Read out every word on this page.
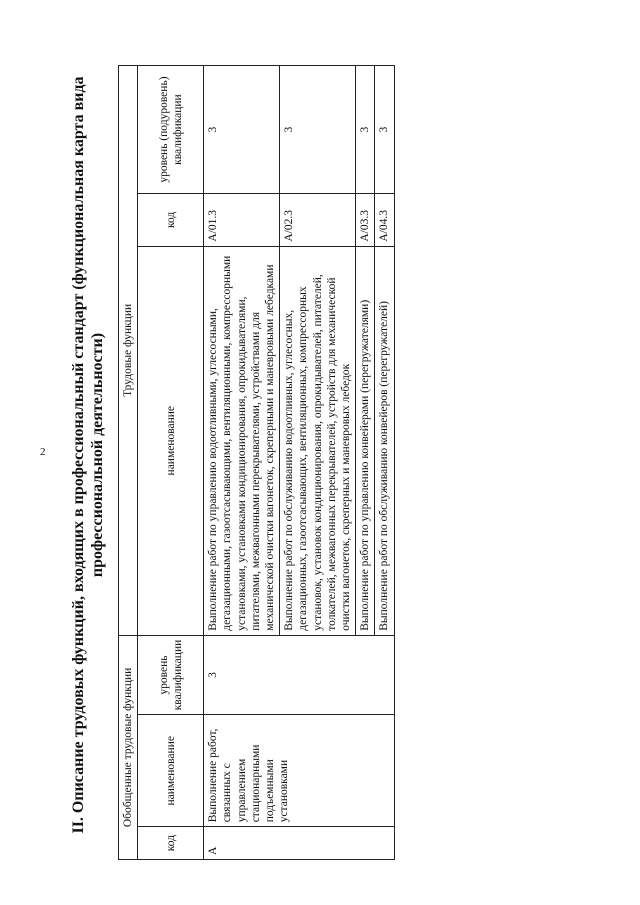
2 II. Описание трудовых функций, входящих в профессиональный стандарт (функциональная карта вида профессиональной деятельности)
Обобщенные трудовые функции			Трудовые функции		
код	наименование	уровень квалификации	наименование	код	уровень (подуровень) квалификации
A	Выполнение работ, связанных с управлением стационарными подъемными установками	3	Выполнение работ по управлению водоотливными, углесосными, дегазационными, газоотсасывающими, вентиляционными, компрессорными установками, установками кондиционирования, опрокидывателями, питателями, межвагонными перекрывателями, устройствами для механической очистки вагонеток, скреперными и маневровыми лебедками	A/01.3	3
			Выполнение работ по обслуживанию водоотливных, углесосных, дегазационных, газоотсасывающих, вентиляционных, компрессорных установок, установок кондиционирования, опрокидывателей, питателей, толкателей, межвагонных перекрывателей, устройств для механической очистки вагонеток, скреперных и маневровых лебедок	A/02.3	3
			Выполнение работ по управлению конвейерами (перегружателями)	A/03.3	3
			Выполнение работ по обслуживанию конвейеров (перегружателей)	A/04.3	3
